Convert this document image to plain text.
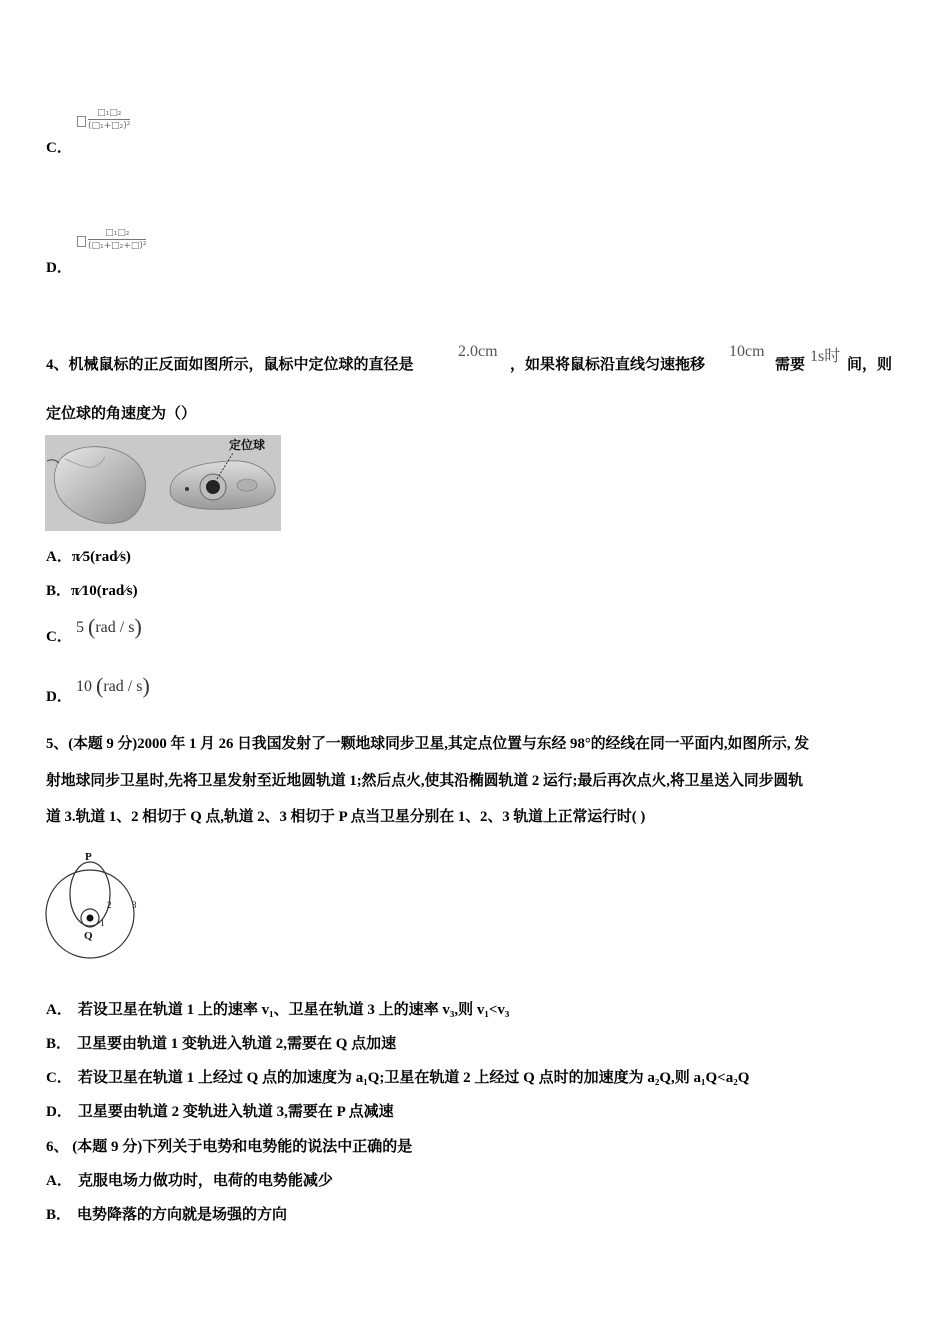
C．
□₁□₂
(□₁+□₂)²
D．
□₁□₂
(□₁+□₂+□)²
4、机械鼠标的正反面如图所示，鼠标中定位球的直径是
2.0cm
，如果将鼠标沿直线匀速拖移
10cm
需要 1s时 间，则
定位球的角速度为（）
定位球
A．π⁄5(rad⁄s)
B．π⁄10(rad⁄s)
C．
5 (rad / s)
D．
10 (rad / s)
5、(本题 9 分)2000 年 1 月 26 日我国发射了一颗地球同步卫星,其定点位置与东经 98°的经线在同一平面内,如图所示, 发
射地球同步卫星时,先将卫星发射至近地圆轨道 1;然后点火,使其沿椭圆轨道 2 运行;最后再次点火,将卫星送入同步圆轨
道 3.轨道 1、2 相切于 Q 点,轨道 2、3 相切于 P 点当卫星分别在 1、2、3 轨道上正常运行时( )
P
Q
1
2 3
A． 若设卫星在轨道 1 上的速率 v₁、卫星在轨道 3 上的速率 v₃,则 v₁<v₃
B． 卫星要由轨道 1 变轨进入轨道 2,需要在 Q 点加速
C． 若设卫星在轨道 1 上经过 Q 点的加速度为 a₁Q;卫星在轨道 2 上经过 Q 点时的加速度为 a₂Q,则 a₁Q<a₂Q
D． 卫星要由轨道 2 变轨进入轨道 3,需要在 P 点减速
6、 (本题 9 分)下列关于电势和电势能的说法中正确的是
A． 克服电场力做功时，电荷的电势能减少
B． 电势降落的方向就是场强的方向
